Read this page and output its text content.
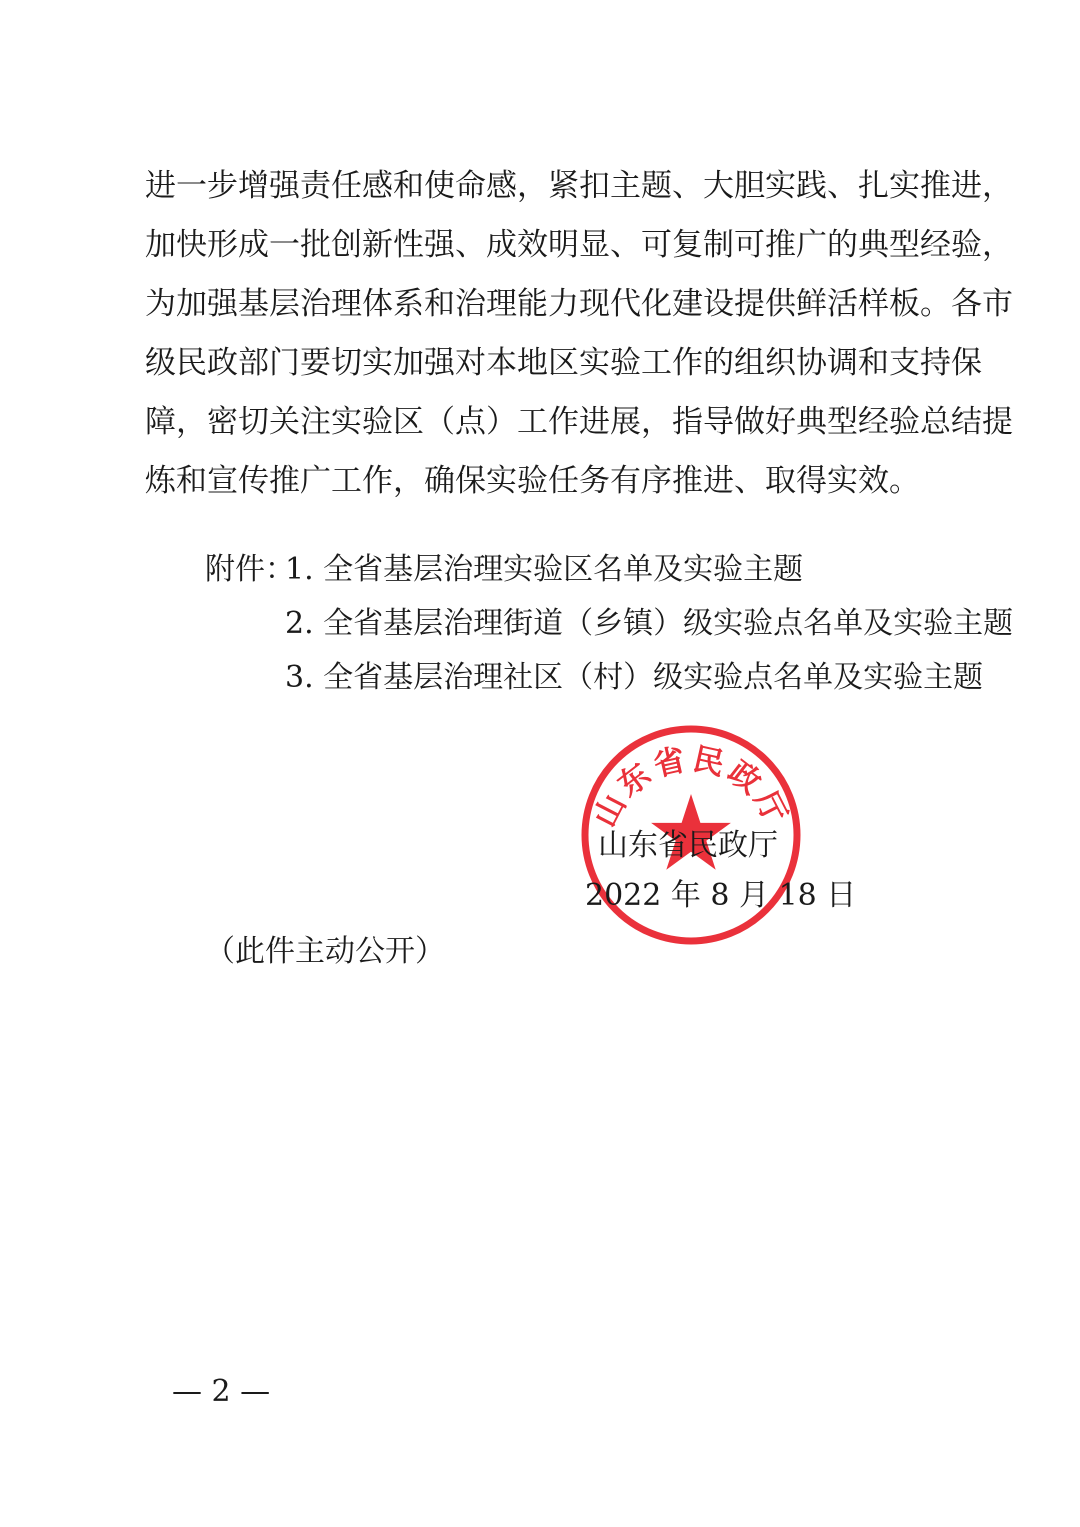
进一步增强责任感和使命感，紧扣主题、大胆实践、扎实推进，
加快形成一批创新性强、成效明显、可复制可推广的典型经验，
为加强基层治理体系和治理能力现代化建设提供鲜活样板。各市
级民政部门要切实加强对本地区实验工作的组织协调和支持保
障，密切关注实验区（点）工作进展，指导做好典型经验总结提
炼和宣传推广工作，确保实验任务有序推进、取得实效。
附件：
1. 全省基层治理实验区名单及实验主题
2. 全省基层治理街道（乡镇）级实验点名单及实验主题
3. 全省基层治理社区（村）级实验点名单及实验主题
山东省民政厅
山东省民政厅
2022 年 8 月 18 日
（此件主动公开）
— 2 —
